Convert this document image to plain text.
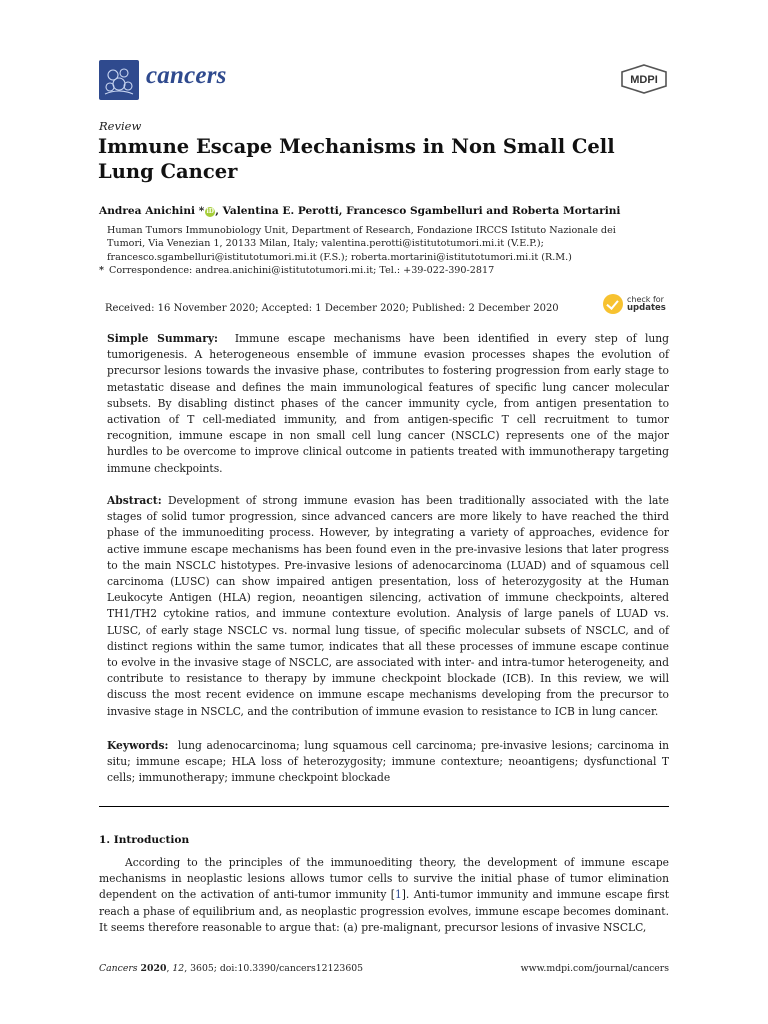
cancers	MDPI
Review
Immune Escape Mechanisms in Non Small Cell
Lung Cancer
Andrea Anichini * iD, Valentina E. Perotti, Francesco Sgambelluri and Roberta Mortarini
Human Tumors Immunobiology Unit, Department of Research, Fondazione IRCCS Istituto Nazionale dei
Tumori, Via Venezian 1, 20133 Milan, Italy; valentina.perotti@istitutotumori.mi.it (V.E.P.);
francesco.sgambelluri@istitutotumori.mi.it (F.S.); roberta.mortarini@istitutotumori.mi.it (R.M.)
* Correspondence: andrea.anichini@istitutotumori.mi.it; Tel.: +39-022-390-2817
Received: 16 November 2020; Accepted: 1 December 2020; Published: 2 December 2020
check for
updates
Simple Summary: Immune escape mechanisms have been identified in every step of lung tumorigenesis. A heterogeneous ensemble of immune evasion processes shapes the evolution of precursor lesions towards the invasive phase, contributes to fostering progression from early stage to metastatic disease and defines the main immunological features of specific lung cancer molecular subsets. By disabling distinct phases of the cancer immunity cycle, from antigen presentation to activation of T cell-mediated immunity, and from antigen-specific T cell recruitment to tumor recognition, immune escape in non small cell lung cancer (NSCLC) represents one of the major hurdles to be overcome to improve clinical outcome in patients treated with immunotherapy targeting immune checkpoints.
Abstract: Development of strong immune evasion has been traditionally associated with the late stages of solid tumor progression, since advanced cancers are more likely to have reached the third phase of the immunoediting process. However, by integrating a variety of approaches, evidence for active immune escape mechanisms has been found even in the pre-invasive lesions that later progress to the main NSCLC histotypes. Pre-invasive lesions of adenocarcinoma (LUAD) and of squamous cell carcinoma (LUSC) can show impaired antigen presentation, loss of heterozygosity at the Human Leukocyte Antigen (HLA) region, neoantigen silencing, activation of immune checkpoints, altered TH1/TH2 cytokine ratios, and immune contexture evolution. Analysis of large panels of LUAD vs. LUSC, of early stage NSCLC vs. normal lung tissue, of specific molecular subsets of NSCLC, and of distinct regions within the same tumor, indicates that all these processes of immune escape continue to evolve in the invasive stage of NSCLC, are associated with inter- and intra-tumor heterogeneity, and contribute to resistance to therapy by immune checkpoint blockade (ICB). In this review, we will discuss the most recent evidence on immune escape mechanisms developing from the precursor to invasive stage in NSCLC, and the contribution of immune evasion to resistance to ICB in lung cancer.
Keywords: lung adenocarcinoma; lung squamous cell carcinoma; pre-invasive lesions; carcinoma in situ; immune escape; HLA loss of heterozygosity; immune contexture; neoantigens; dysfunctional T cells; immunotherapy; immune checkpoint blockade
1. Introduction
According to the principles of the immunoediting theory, the development of immune escape mechanisms in neoplastic lesions allows tumor cells to survive the initial phase of tumor elimination dependent on the activation of anti-tumor immunity [1]. Anti-tumor immunity and immune escape first reach a phase of equilibrium and, as neoplastic progression evolves, immune escape becomes dominant. It seems therefore reasonable to argue that: (a) pre-malignant, precursor lesions of invasive NSCLC,
Cancers 2020, 12, 3605; doi:10.3390/cancers12123605	www.mdpi.com/journal/cancers
